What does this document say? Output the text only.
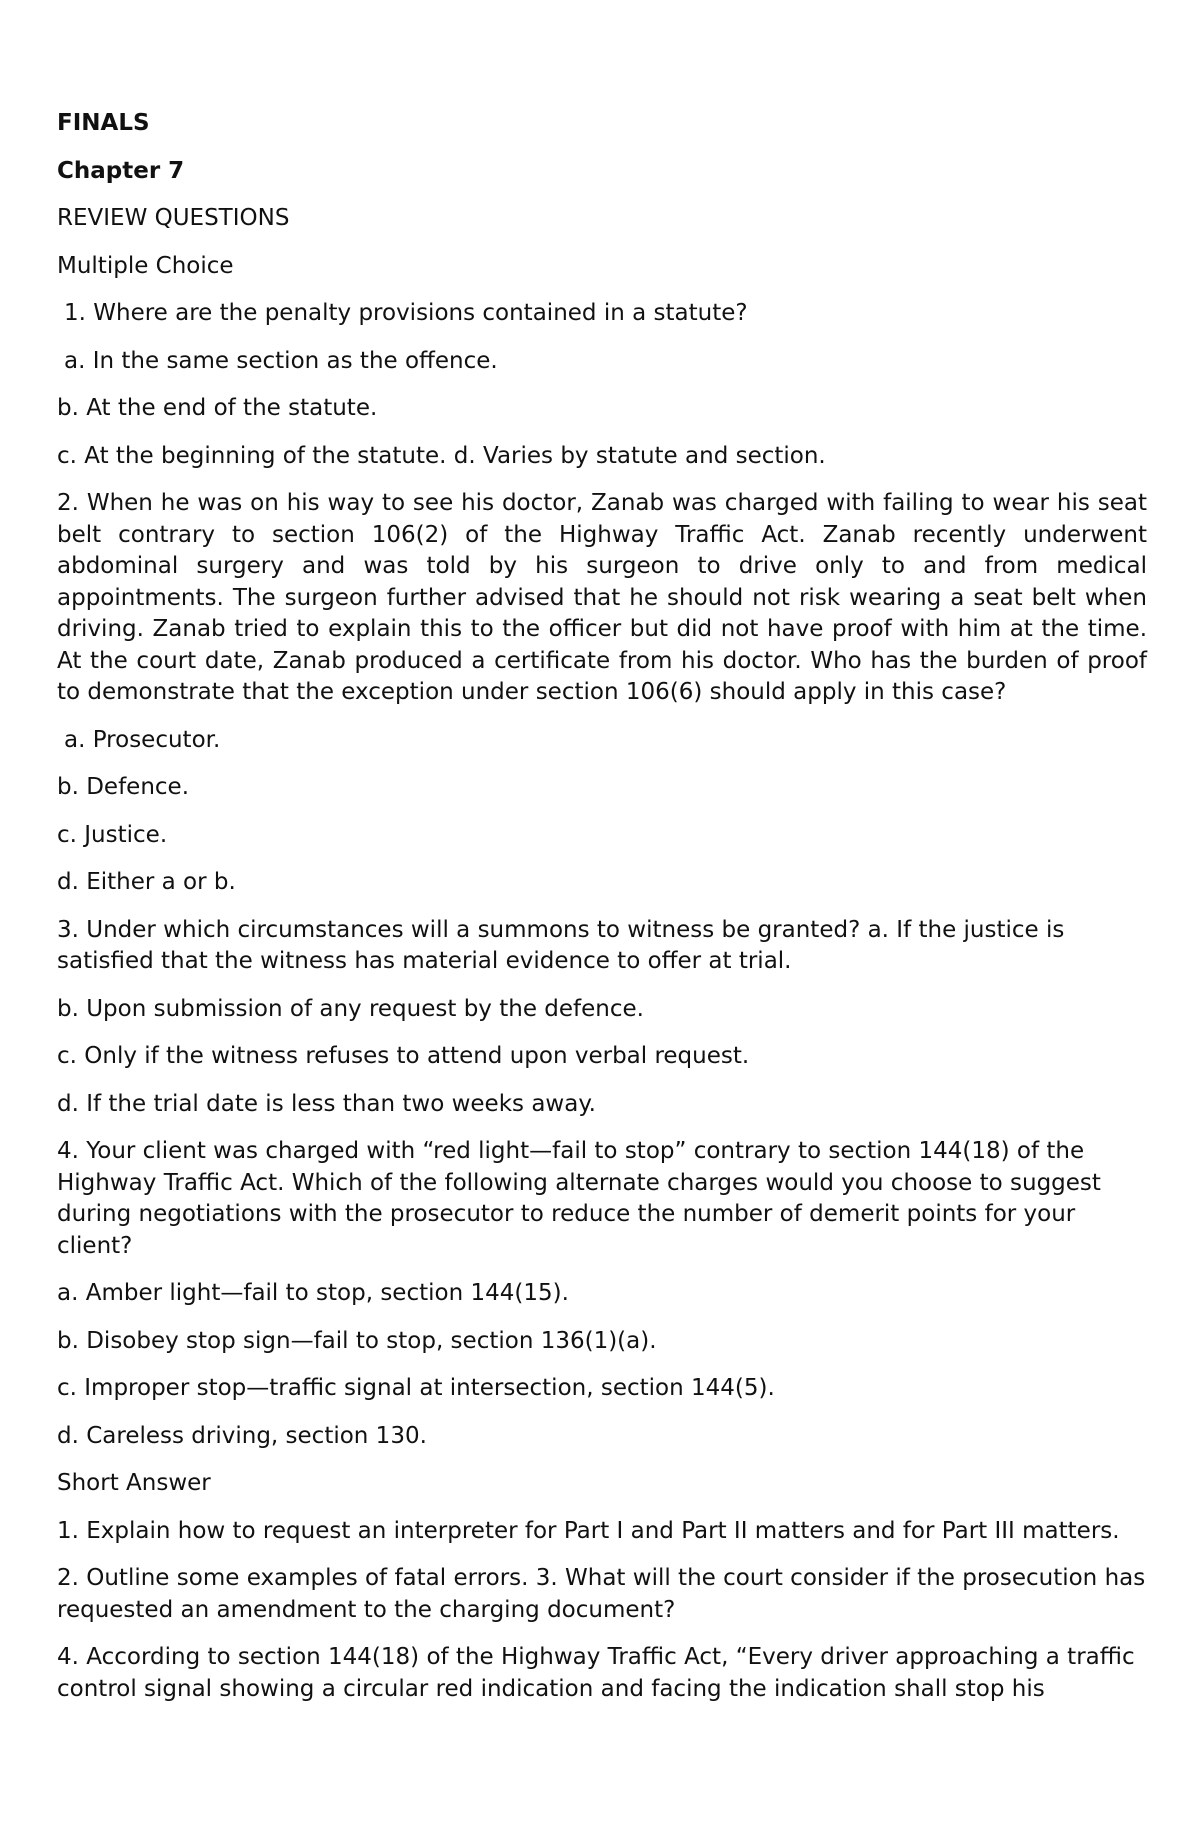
FINALS

Chapter 7

REVIEW QUESTIONS

Multiple Choice

1. Where are the penalty provisions contained in a statute?

a. In the same section as the offence.

b. At the end of the statute.

c. At the beginning of the statute. d. Varies by statute and section.

2. When he was on his way to see his doctor, Zanab was charged with failing to wear his seat belt contrary to section 106(2) of the Highway Traffic Act. Zanab recently underwent abdominal surgery and was told by his surgeon to drive only to and from medical appointments. The surgeon further advised that he should not risk wearing a seat belt when driving. Zanab tried to explain this to the officer but did not have proof with him at the time. At the court date, Zanab produced a certificate from his doctor. Who has the burden of proof to demonstrate that the exception under section 106(6) should apply in this case?

a. Prosecutor.

b. Defence.

c. Justice.

d. Either a or b.

3. Under which circumstances will a summons to witness be granted? a. If the justice is satisfied that the witness has material evidence to offer at trial.

b. Upon submission of any request by the defence.

c. Only if the witness refuses to attend upon verbal request.

d. If the trial date is less than two weeks away.

4. Your client was charged with “red light—fail to stop” contrary to section 144(18) of the Highway Traffic Act. Which of the following alternate charges would you choose to suggest during negotiations with the prosecutor to reduce the number of demerit points for your client?

a. Amber light—fail to stop, section 144(15).

b. Disobey stop sign—fail to stop, section 136(1)(a).

c. Improper stop—traffic signal at intersection, section 144(5).

d. Careless driving, section 130.

Short Answer

1. Explain how to request an interpreter for Part I and Part II matters and for Part III matters.

2. Outline some examples of fatal errors. 3. What will the court consider if the prosecution has requested an amendment to the charging document?

4. According to section 144(18) of the Highway Traffic Act, “Every driver approaching a traffic control signal showing a circular red indication and facing the indication shall stop his
